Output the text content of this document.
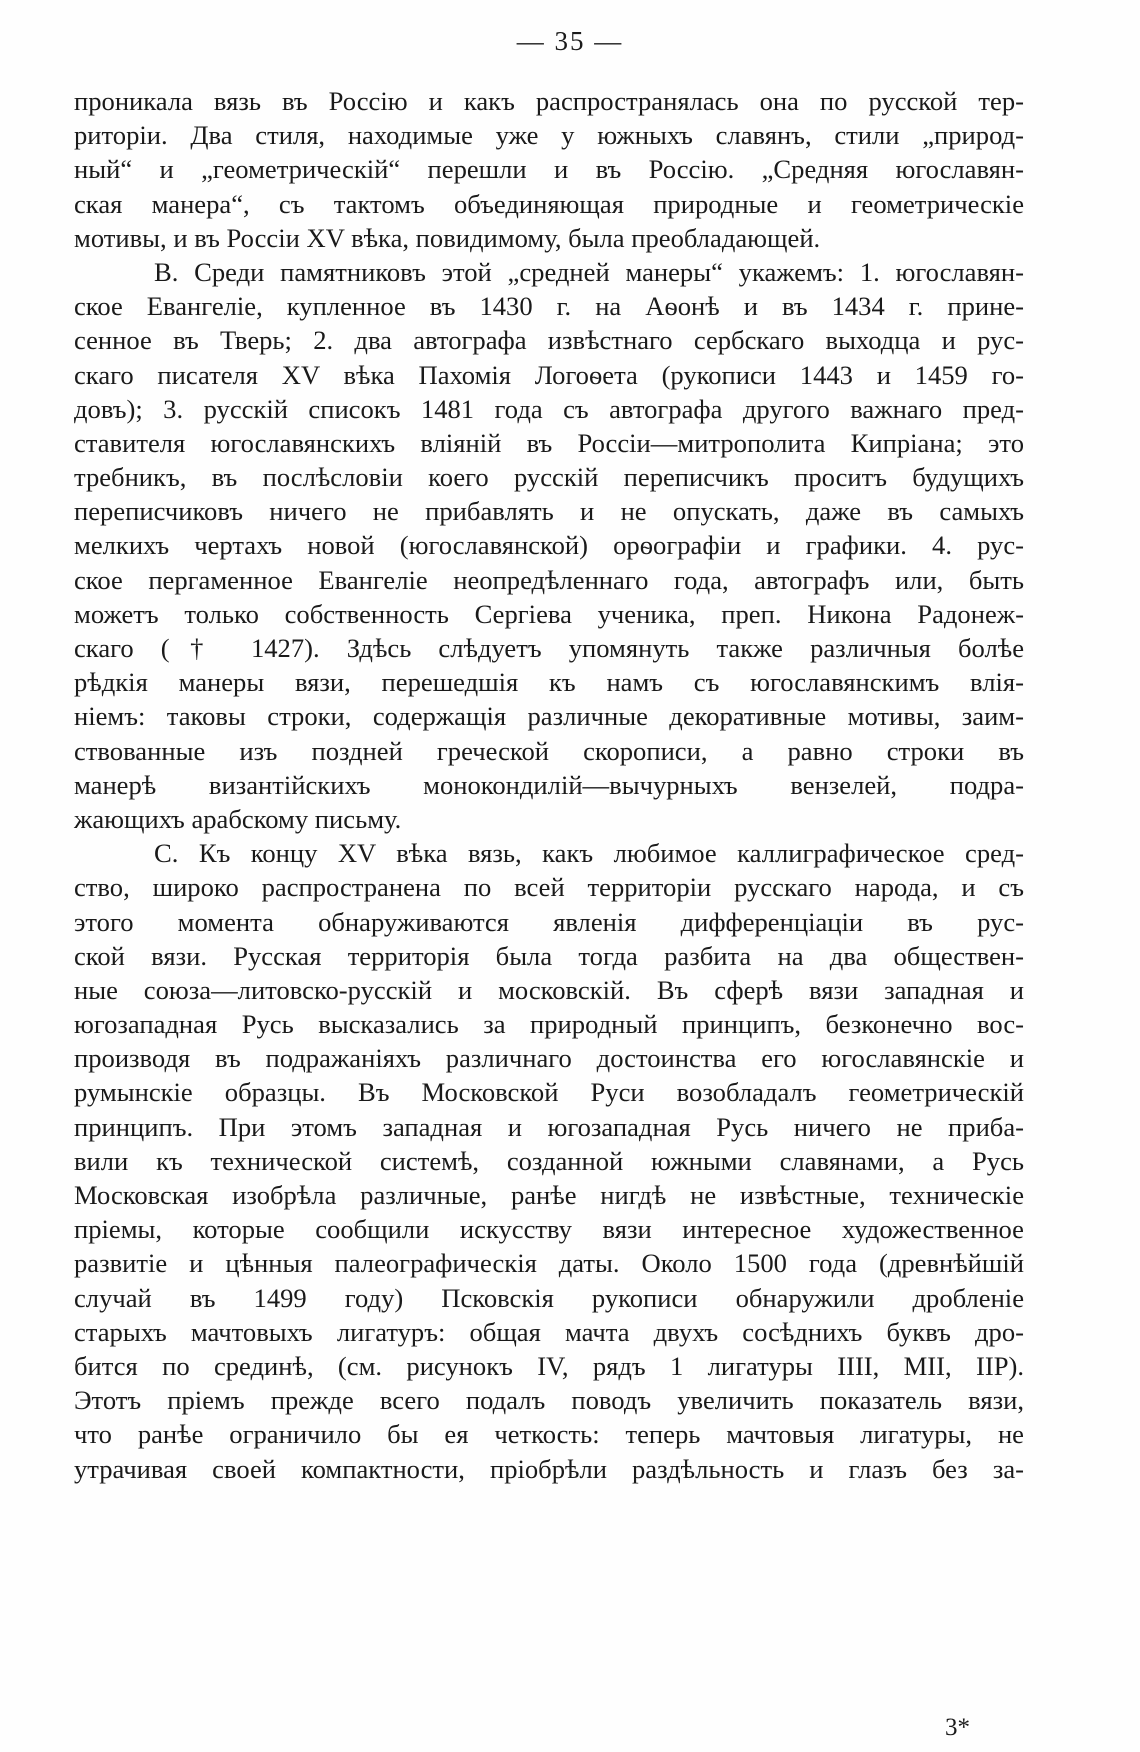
— 35 —
проникала вязь въ Россію и какъ распространялась она по русской тер-
риторіи. Два стиля, находимые уже у южныхъ славянъ, стили „природ-
ный“ и „геометрическій“ перешли и въ Россію. „Средняя югославян-
ская манера“, съ тактомъ объединяющая природные и геометрическіе
мотивы, и въ Россіи XV вѣка, повидимому, была преобладающей.
В. Среди памятниковъ этой „средней манеры“ укажемъ: 1. югославян-
ское Евангеліе, купленное въ 1430 г. на Аѳонѣ и въ 1434 г. прине-
сенное въ Тверь; 2. два автографа извѣстнаго сербскаго выходца и рус-
скаго писателя XV вѣка Пахомія Логоѳета (рукописи 1443 и 1459 го-
довъ); 3. русскій списокъ 1481 года съ автографа другого важнаго пред-
ставителя югославянскихъ вліяній въ Россіи—митрополита Кипріана; это
требникъ, въ послѣсловіи коего русскій переписчикъ проситъ будущихъ
переписчиковъ ничего не прибавлять и не опускать, даже въ самыхъ
мелкихъ чертахъ новой (югославянской) орѳографіи и графики. 4. рус-
ское пергаменное Евангеліе неопредѣленнаго года, автографъ или, быть
можетъ только собственность Сергіева ученика, преп. Никона Радонеж-
скаго († 1427). Здѣсь слѣдуетъ упомянуть также различныя болѣе
рѣдкія манеры вязи, перешедшія къ намъ съ югославянскимъ влія-
ніемъ: таковы строки, содержащія различные декоративные мотивы, заим-
ствованные изъ поздней греческой скорописи, а равно строки въ
манерѣ византійскихъ монокондилій—вычурныхъ вензелей, подра-
жающихъ арабскому письму.
С. Къ концу XV вѣка вязь, какъ любимое каллиграфическое сред-
ство, широко распространена по всей территоріи русскаго народа, и съ
этого момента обнаруживаются явленія дифференціаціи въ рус-
ской вязи. Русская территорія была тогда разбита на два обществен-
ные союза—литовско-русскій и московскій. Въ сферѣ вязи западная и
югозападная Русь высказались за природный принципъ, безконечно вос-
производя въ подражаніяхъ различнаго достоинства его югославянскіе и
румынскіе образцы. Въ Московской Руси возобладалъ геометрическій
принципъ. При этомъ западная и югозападная Русь ничего не приба-
вили къ технической системѣ, созданной южными славянами, а Русь
Московская изобрѣла различные, ранѣе нигдѣ не извѣстные, техническіе
пріемы, которые сообщили искусству вязи интересное художественное
развитіе и цѣнныя палеографическія даты. Около 1500 года (древнѣйшій
случай въ 1499 году) Псковскія рукописи обнаружили дробленіе
старыхъ мачтовыхъ лигатуръ: общая мачта двухъ сосѣднихъ буквъ дро-
бится по срединѣ, (см. рисунокъ IV, рядъ 1 лигатуры ІІІІ, МІІ, ІІР).
Этотъ пріемъ прежде всего подалъ поводъ увеличить показатель вязи,
что ранѣе ограничило бы ея четкость: теперь мачтовыя лигатуры, не
утрачивая своей компактности, пріобрѣли раздѣльность и глазъ без за-
3*
